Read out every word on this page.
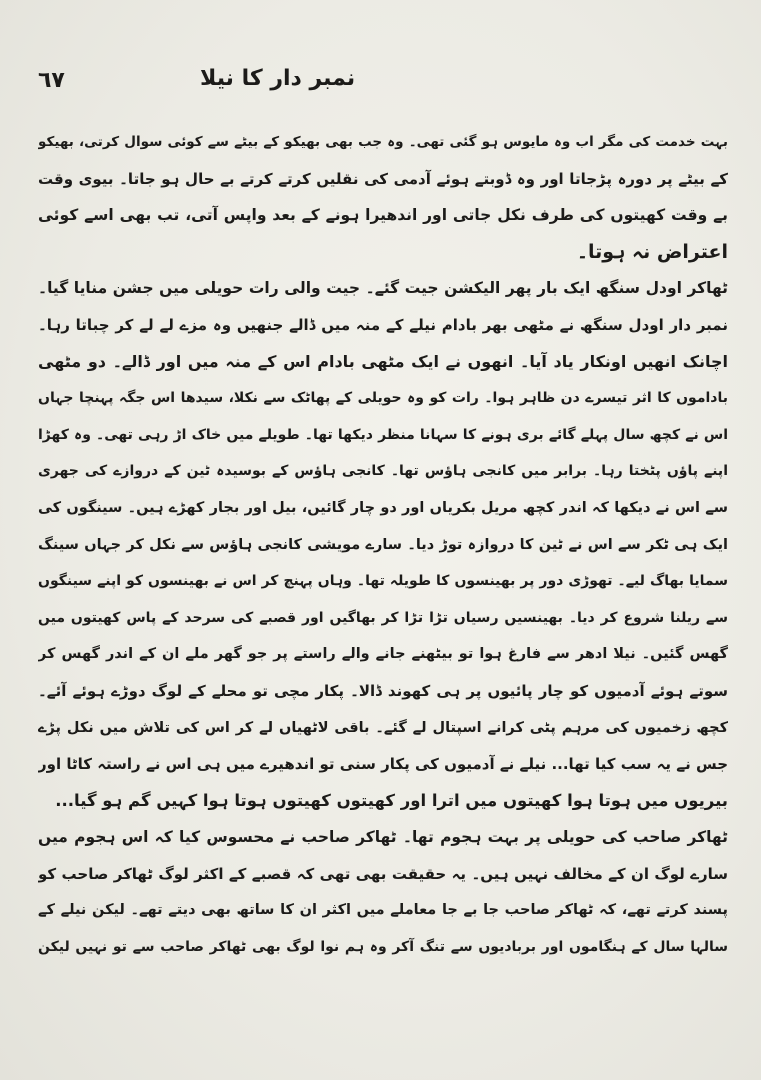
٦٧	نمبر دار کا نیلا
بہت خدمت کی مگر اب وہ مایوس ہو گئی تھی۔ وہ جب بھی بھیکو کے بیٹے سے کوئی سوال کرتی، بھیکو
کے بیٹے پر دورہ پڑجاتا اور وہ ڈوبتے ہوئے آدمی کی نقلیں کرتے کرتے بے حال ہو جاتا۔ بیوی وقت
بے وقت کھیتوں کی طرف نکل جاتی اور اندھیرا ہونے کے بعد واپس آتی، تب بھی اسے کوئی
اعتراض نہ ہوتا۔
ٹھاکر اودل سنگھ ایک بار پھر الیکشن جیت گئے۔ جیت والی رات حویلی میں جشن منایا گیا۔
نمبر دار اودل سنگھ نے مٹھی بھر بادام نیلے کے منہ میں ڈالے جنھیں وہ مزے لے لے کر چباتا رہا۔
اچانک انھیں اونکار یاد آیا۔ انھوں نے ایک مٹھی بادام اس کے منہ میں اور ڈالے۔ دو مٹھی
باداموں کا اثر تیسرے دن ظاہر ہوا۔ رات کو وہ حویلی کے پھاٹک سے نکلا، سیدھا اس جگہ پہنچا جہاں
اس نے کچھ سال پہلے گائے بری ہونے کا سہانا منظر دیکھا تھا۔ طویلے میں خاک اڑ رہی تھی۔ وہ کھڑا
اپنے پاؤں پٹختا رہا۔ برابر میں کانجی ہاؤس تھا۔ کانجی ہاؤس کے بوسیدہ ٹین کے دروازے کی جھری
سے اس نے دیکھا کہ اندر کچھ مریل بکریاں اور دو چار گائیں، بیل اور بجار کھڑے ہیں۔ سینگوں کی
ایک ہی ٹکر سے اس نے ٹین کا دروازہ توڑ دیا۔ سارے مویشی کانجی ہاؤس سے نکل کر جہاں سینگ
سمایا بھاگ لیے۔ تھوڑی دور پر بھینسوں کا طویلہ تھا۔ وہاں پہنچ کر اس نے بھینسوں کو اپنے سینگوں
سے ریلنا شروع کر دیا۔ بھینسیں رسیاں تڑا تڑا کر بھاگیں اور قصبے کی سرحد کے پاس کھیتوں میں
گھس گئیں۔ نیلا ادھر سے فارغ ہوا تو بیٹھنے جانے والے راستے پر جو گھر ملے ان کے اندر گھس کر
سوتے ہوئے آدمیوں کو چار پائیوں پر ہی کھوند ڈالا۔ پکار مچی تو محلے کے لوگ دوڑے ہوئے آئے۔
کچھ زخمیوں کی مرہم پٹی کرانے اسپتال لے گئے۔ باقی لاٹھیاں لے کر اس کی تلاش میں نکل پڑے
جس نے یہ سب کیا تھا... نیلے نے آدمیوں کی پکار سنی تو اندھیرے میں ہی اس نے راستہ کاٹا اور
بیریوں میں ہوتا ہوا کھیتوں میں اترا اور کھیتوں کھیتوں ہوتا ہوا کہیں گم ہو گیا...
ٹھاکر صاحب کی حویلی پر بہت ہجوم تھا۔ ٹھاکر صاحب نے محسوس کیا کہ اس ہجوم میں
سارے لوگ ان کے مخالف نہیں ہیں۔ یہ حقیقت بھی تھی کہ قصبے کے اکثر لوگ ٹھاکر صاحب کو
پسند کرتے تھے، کہ ٹھاکر صاحب جا بے جا معاملے میں اکثر ان کا ساتھ بھی دیتے تھے۔ لیکن نیلے کے
سالہا سال کے ہنگاموں اور بربادیوں سے تنگ آکر وہ ہم نوا لوگ بھی ٹھاکر صاحب سے تو نہیں لیکن
